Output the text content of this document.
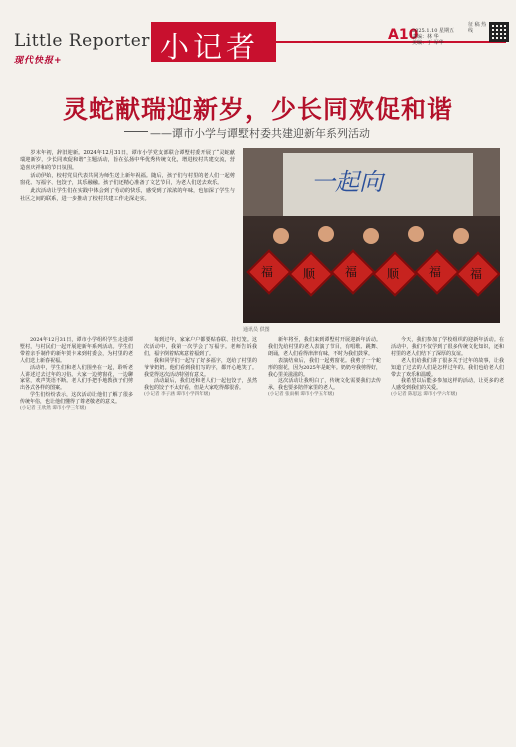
Little Reporter
现代快报+	小记者	A10
2025.1.10 星期五
责编：林 华
美编：丁 军华
征 稿 热 线
灵蛇献瑞迎新岁，少长同欢促和谐
——谭市小学与谭墅村委共建迎新年系列活动

岁末年初，辞旧迎新。2024年12月31日，谭市小学党支部联合谭墅村委开展了“灵蛇献瑞迎新岁，少长同欢促和谐”主题活动，旨在弘扬中华优秀传统文化，增进校村共建交流，营造喜庆祥和的节日氛围。

活动伊始，校村党员代表共同为师生送上新年祝福。随后，孩子们与村里的老人们一起剪窗花、写福字、包饺子，其乐融融。孩子们还精心准备了文艺节目，为老人们送去欢乐。

此次活动让学生们在实践中体会到了劳动的快乐，感受到了浓浓的年味，也加深了学生与社区之间的联系，进一步推动了校村共建工作走深走实。

一起向
福 顺 福 顺 福 福
通讯员 供图

2024年12月31日，谭市小学组织学生走进谭墅村，与村民们一起开展迎新年系列活动。学生们带着亲手制作的新年贺卡来到村委会，为村里的老人们送上新春祝福。

活动中，学生们和老人们围坐在一起，聆听老人讲述过去过年的习俗。大家一边剪窗花，一边聊家常，欢声笑语不断。老人们手把手地教孩子们剪出各式各样的图案。

学生们纷纷表示，这次活动让他们了解了很多传统年俗，也让他们懂得了尊老敬老的意义。

(小记者 王欣然 谭市小学三年级)

每到过年，家家户户都要贴春联、挂灯笼。这次活动中，我第一次学会了写福字。老师告诉我们，福字倒着贴寓意着福到了。

我和同学们一起写了好多福字，送给了村里的爷爷奶奶。他们看到我们写的字，都开心地笑了。我觉得这次活动特别有意义。

活动最后，我们还和老人们一起包饺子，虽然我包的饺子不太好看，但是大家吃得都很香。

(小记者 李子涵 谭市小学四年级)

新年将至，我们来到谭墅村开展迎新年活动。我们先给村里的老人表演了节目，有唱歌、跳舞、朗诵，老人们看得津津有味，不时为我们鼓掌。

表演结束后，我们一起剪窗花。我剪了一个蛇形的窗花，因为2025年是蛇年。奶奶夸我剪得好，我心里美滋滋的。

这次活动让我明白了，传统文化需要我们去传承，我也要多陪伴家里的老人。

(小记者 张雨桐 谭市小学五年级)

今天，我们参加了学校组织的迎新年活动。在活动中，我们不仅学到了很多传统文化知识，还和村里的老人们结下了深厚的友谊。

老人们给我们讲了很多关于过年的故事，让我知道了过去的人们是怎样过年的。我们也给老人们带去了欢乐和温暖。

我希望以后能多参加这样的活动，让更多的老人感受到我们的关爱。

(小记者 陈思远 谭市小学六年级)
